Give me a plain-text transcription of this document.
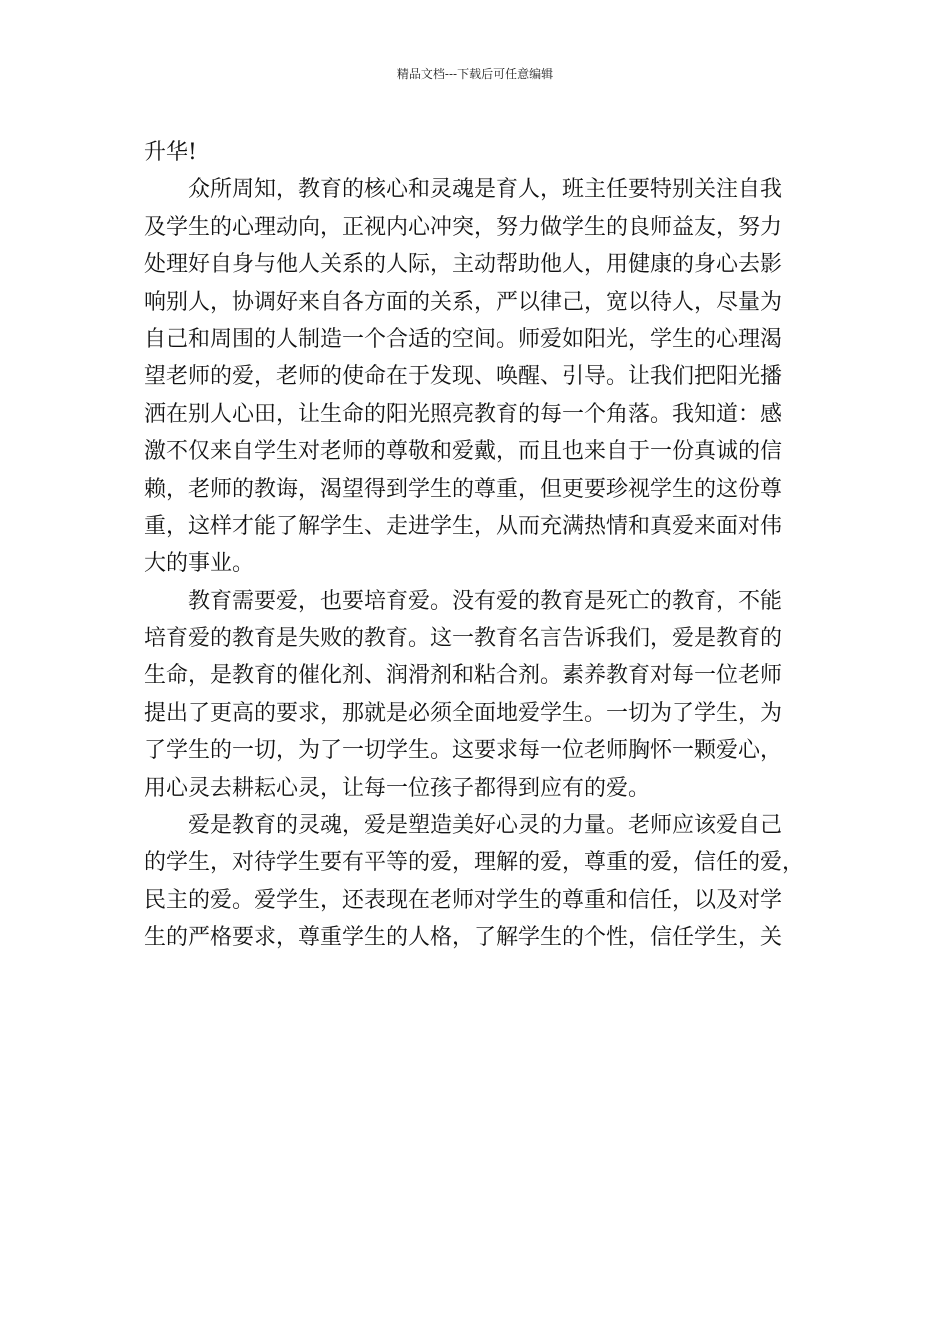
精品文档---下载后可任意编辑
升华!
众所周知，教育的核心和灵魂是育人，班主任要特别关注自我
及学生的心理动向，正视内心冲突，努力做学生的良师益友，努力
处理好自身与他人关系的人际，主动帮助他人，用健康的身心去影
响别人，协调好来自各方面的关系，严以律己，宽以待人，尽量为
自己和周围的人制造一个合适的空间。师爱如阳光，学生的心理渴
望老师的爱，老师的使命在于发现、唤醒、引导。让我们把阳光播
洒在别人心田，让生命的阳光照亮教育的每一个角落。我知道：感
激不仅来自学生对老师的尊敬和爱戴，而且也来自于一份真诚的信
赖，老师的教诲，渴望得到学生的尊重，但更要珍视学生的这份尊
重，这样才能了解学生、走进学生，从而充满热情和真爱来面对伟
大的事业。
教育需要爱，也要培育爱。没有爱的教育是死亡的教育，不能
培育爱的教育是失败的教育。这一教育名言告诉我们，爱是教育的
生命，是教育的催化剂、润滑剂和粘合剂。素养教育对每一位老师
提出了更高的要求，那就是必须全面地爱学生。一切为了学生，为
了学生的一切，为了一切学生。这要求每一位老师胸怀一颗爱心，
用心灵去耕耘心灵，让每一位孩子都得到应有的爱。
爱是教育的灵魂，爱是塑造美好心灵的力量。老师应该爱自己
的学生，对待学生要有平等的爱，理解的爱，尊重的爱，信任的爱，
民主的爱。爱学生，还表现在老师对学生的尊重和信任，以及对学
生的严格要求，尊重学生的人格，了解学生的个性，信任学生，关
